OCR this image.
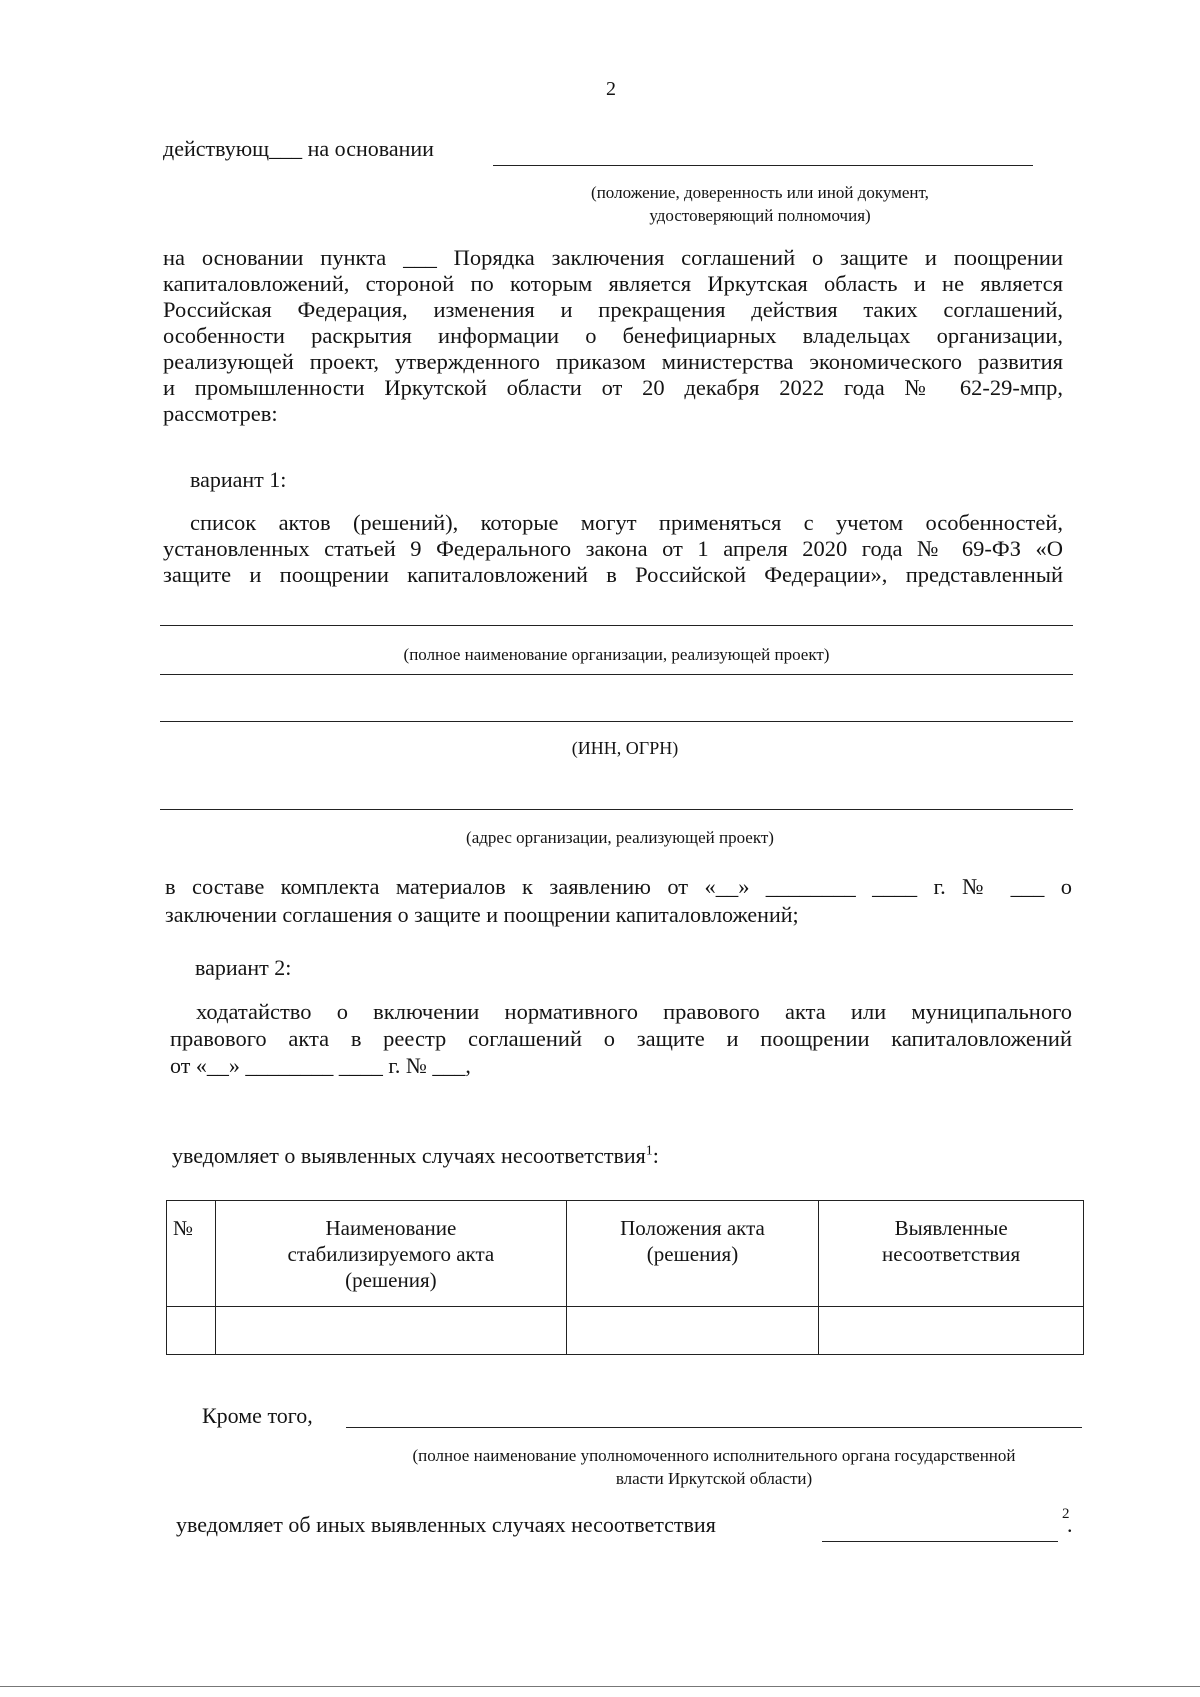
2
действующ___ на основании
(положение, доверенность или иной документ,
удостоверяющий полномочия)
на основании пункта ___ Порядка заключения соглашений о защите и поощрении
капиталовложений, стороной по которым является Иркутская область и не является
Российская Федерация, изменения и прекращения действия таких соглашений,
особенности раскрытия информации о бенефициарных владельцах организации,
реализующей проект, утвержденного приказом министерства экономического развития
и промышленности Иркутской области от 20 декабря 2022 года № 62-29-мпр,
рассмотрев:
вариант 1:
список актов (решений), которые могут применяться с учетом особенностей,
установленных статьей 9 Федерального закона от 1 апреля 2020 года № 69-ФЗ «О
защите и поощрении капиталовложений в Российской Федерации», представленный
(полное наименование организации, реализующей проект)
(ИНН, ОГРН)
(адрес организации, реализующей проект)
в составе комплекта материалов к заявлению от «__» ________ ____ г. № ___ о
заключении соглашения о защите и поощрении капиталовложений;
вариант 2:
ходатайство о включении нормативного правового акта или муниципального
правового акта в реестр соглашений о защите и поощрении капиталовложений
от «__» ________ ____ г. № ___,
уведомляет о выявленных случаях несоответствия$^1$:
№	Наименование стабилизируемого акта (решения)	Положения акта (решения)	Выявленные несоответствия

Кроме того,
(полное наименование уполномоченного исполнительного органа государственной
власти Иркутской области)
уведомляет об иных выявленных случаях несоответствия	2
.
